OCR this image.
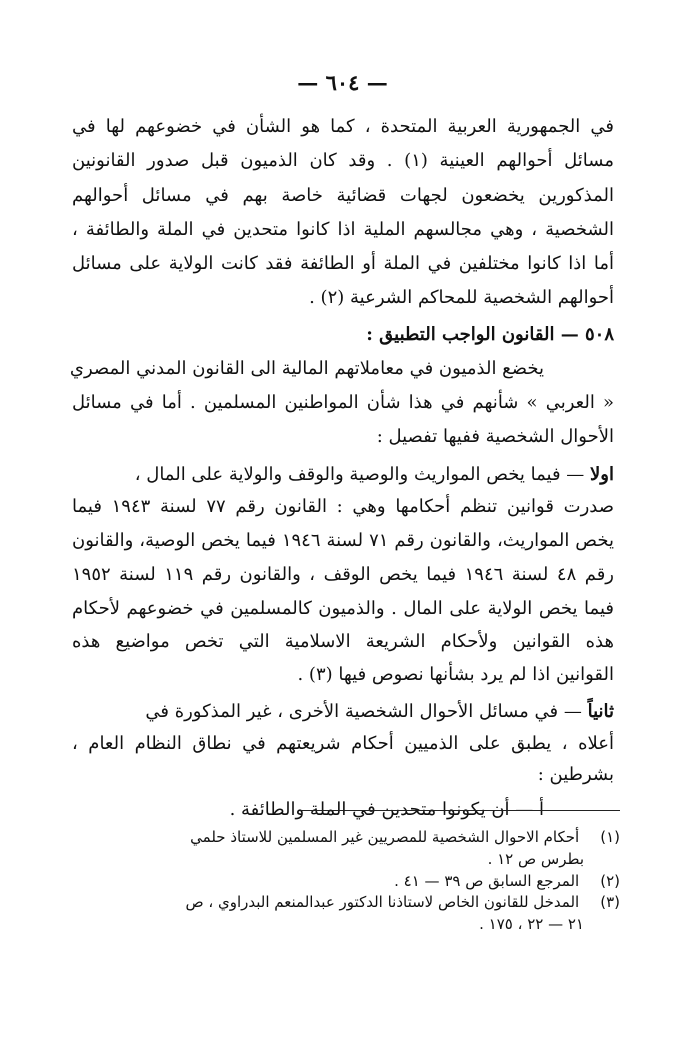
— ٦٠٤ —
في الجمهورية العربية المتحدة ، كما هو الشأن في خضوعهم لها في
مسائل أحوالهم العينية (١) . وقد كان الذميون قبل صدور القانونين
المذكورين يخضعون لجهات قضائية خاصة بهم في مسائل أحوالهم
الشخصية ، وهي مجالسهم الملية اذا كانوا متحدين في الملة والطائفة ،
أما اذا كانوا مختلفين في الملة أو الطائفة فقد كانت الولاية على مسائل
أحوالهم الشخصية للمحاكم الشرعية (٢) .
٥٠٨ — القانون الواجب التطبيق :
يخضع الذميون في معاملاتهم المالية الى القانون المدني المصري
« العربي » شأنهم في هذا شأن المواطنين المسلمين . أما في مسائل
الأحوال الشخصية ففيها تفصيل :
اولا — فيما يخص المواريث والوصية والوقف والولاية على المال ،
صدرت قوانين تنظم أحكامها وهي : القانون رقم ٧٧ لسنة ١٩٤٣ فيما
يخص المواريث، والقانون رقم ٧١ لسنة ١٩٤٦ فيما يخص الوصية، والقانون
رقم ٤٨ لسنة ١٩٤٦ فيما يخص الوقف ، والقانون رقم ١١٩ لسنة ١٩٥٢
فيما يخص الولاية على المال . والذميون كالمسلمين في خضوعهم لأحكام
هذه القوانين ولأحكام الشريعة الاسلامية التي تخص مواضيع هذه
القوانين اذا لم يرد بشأنها نصوص فيها (٣) .
ثانياً — في مسائل الأحوال الشخصية الأخرى ، غير المذكورة في
أعلاه ، يطبق على الذميين أحكام شريعتهم في نطاق النظام العام ،
بشرطين :
أ — أن يكونوا متحدين في الملة والطائفة .
(١) أحكام الاحوال الشخصية للمصريين غير المسلمين للاستاذ حلمي
بطرس ص ١٢ .
(٢) المرجع السابق ص ٣٩ — ٤١ .
(٣) المدخل للقانون الخاص لاستاذنا الدكتور عبدالمنعم البدراوي ، ص
٢١ — ٢٢ ، ١٧٥ .
